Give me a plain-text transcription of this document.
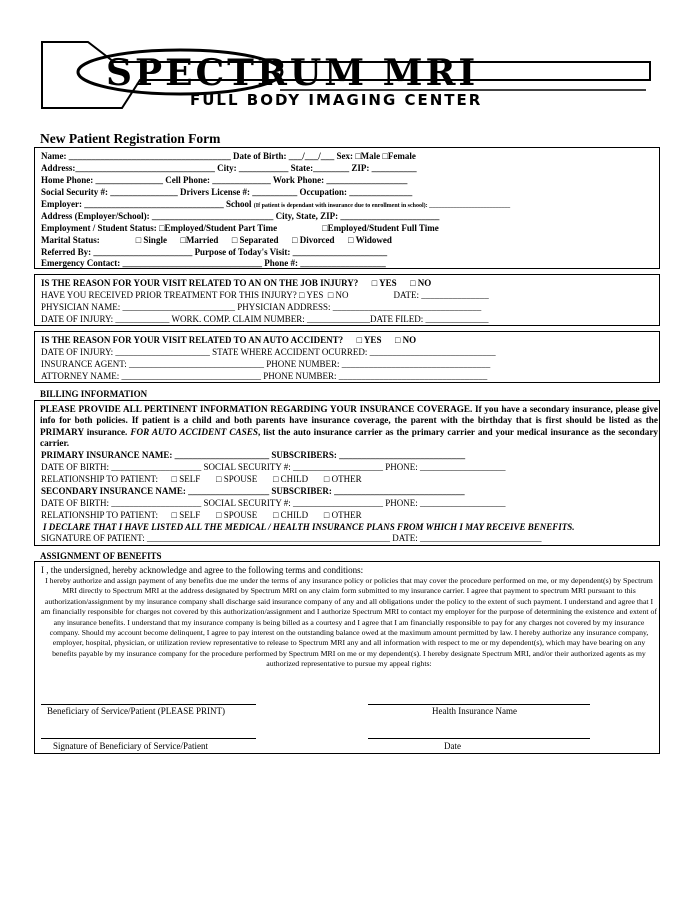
SPECTRUM MRI
FULL BODY IMAGING CENTER
New Patient Registration Form
Name: ____________________________________ Date of Birth: ___/___/___ Sex: □Male □Female
Address:_______________________________ City: ___________ State:________ ZIP: __________
Home Phone: _______________ Cell Phone: _____________ Work Phone: __________________
Social Security #: _______________ Drivers License #: __________ Occupation: ______________
Employer: _______________________________ School (If patient is dependant with insurance due to enrollment in school): ___________________________
Address (Employer/School): ___________________________ City, State, ZIP: ______________________
Employment / Student Status: □Employed/Student Part Time                    □Employed/Student Full Time
Marital Status:                □ Single      □Married      □ Separated      □ Divorced      □ Widowed
Referred By: ______________________ Purpose of Today's Visit: _____________________
Emergency Contact: _______________________________ Phone #: ___________________
IS THE REASON FOR YOUR VISIT RELATED TO AN ON THE JOB INJURY?      □ YES      □ NO
HAVE YOU RECEIVED PRIOR TREATMENT FOR THIS INJURY? □ YES  □ NO                    DATE: _______________
PHYSICIAN NAME: _________________________ PHYSICIAN ADDRESS: _________________________________
DATE OF INJURY: ____________ WORK. COMP. CLAIM NUMBER: ______________DATE FILED: ______________
IS THE REASON FOR YOUR VISIT RELATED TO AN AUTO ACCIDENT?      □ YES      □ NO
DATE OF INJURY: _____________________ STATE WHERE ACCIDENT OCURRED: ____________________________
INSURANCE AGENT: ______________________________ PHONE NUMBER: _________________________________
ATTORNEY NAME: _______________________________ PHONE NUMBER: _________________________________
BILLING INFORMATION
PLEASE PROVIDE ALL PERTINENT INFORMATION REGARDING YOUR INSURANCE COVERAGE. If you have a secondary insurance, please give info for both policies. If patient is a child and both parents have insurance coverage, the parent with the birthday that is first should be listed as the PRIMARY insurance. FOR AUTO ACCIDENT CASES, list the auto insurance carrier as the primary carrier and your medical insurance as the secondary carrier.
PRIMARY INSURANCE NAME: _____________________ SUBSCRIBERS: ____________________________
DATE OF BIRTH: ____________________ SOCIAL SECURITY #: ____________________ PHONE: ___________________
RELATIONSHIP TO PATIENT:      □ SELF       □ SPOUSE       □ CHILD       □ OTHER
SECONDARY INSURANCE NAME: __________________ SUBSCRIBER: _____________________________
DATE OF BIRTH: ____________________ SOCIAL SECURITY #: ____________________ PHONE: ___________________
RELATIONSHIP TO PATIENT:      □ SELF       □ SPOUSE       □ CHILD       □ OTHER
I DECLARE THAT I HAVE LISTED ALL THE MEDICAL / HEALTH INSURANCE PLANS FROM WHICH I MAY RECEIVE BENEFITS.
SIGNATURE OF PATIENT: ______________________________________________________ DATE: ___________________________
ASSIGNMENT OF BENEFITS
I , the undersigned, hereby acknowledge and agree to the following terms and conditions:
I hereby authorize and assign payment of any benefits due me under the terms of any insurance policy or policies that may cover the procedure performed on me, or my dependent(s) by Spectrum MRI directly to Spectrum MRI at the address designated by Spectrum MRI on any claim form submitted to my insurance carrier. I agree that payment to spectrum MRI pursuant to this authorization/assignment by my insurance company shall discharge said insurance company of any and all obligations under the policy to the extent of such payment. I understand and agree that I am financially responsible for charges not covered by this authorization/assignment and I authorize Spectrum MRI to contact my employer for the purpose of determining the existence and extent of any insurance benefits. I understand that my insurance company is being billed as a courtesy and I agree that I am financially responsible to pay for any charges not covered by my insurance company. Should my account become delinquent, I agree to pay interest on the outstanding balance owed at the maximum amount permitted by law. I hereby authorize any insurance company, employer, hospital, physician, or utilization review representative to release to Spectrum MRI any and all information with respect to me or my dependent(s), which may have bearing on any benefits payable by my insurance company for the procedure performed by Spectrum MRI on me or my dependent(s). I hereby designate Spectrum MRI, and/or their authorized agents as my authorized representative to pursue my appeal rights:
Beneficiary of Service/Patient (PLEASE PRINT)	Health Insurance Name
Signature of Beneficiary of Service/Patient	Date
